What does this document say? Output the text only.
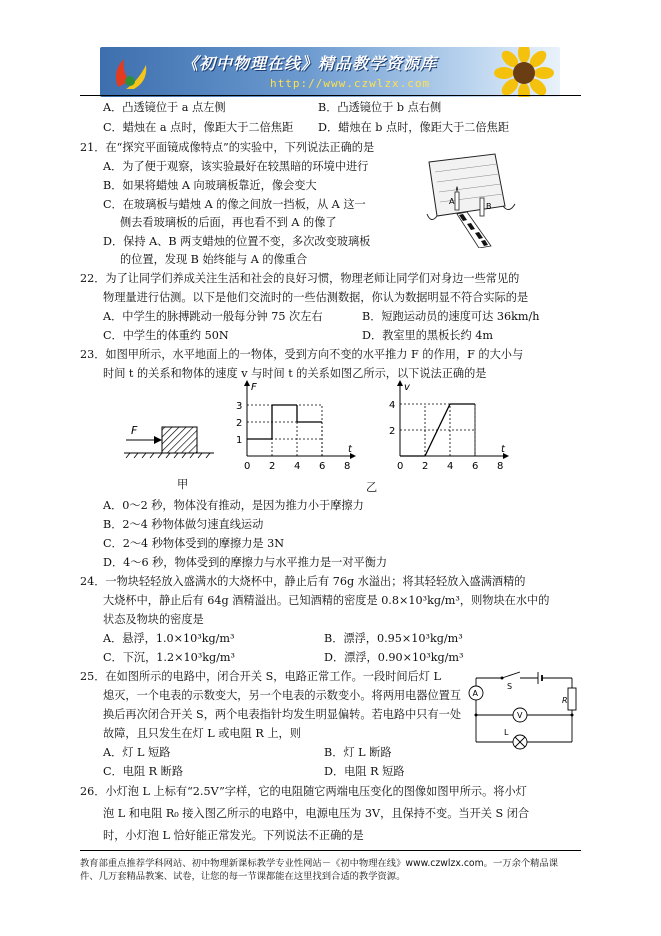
《初中物理在线》精品教学资源库
http://www.czwlzx.com
A．凸透镜位于 a 点左侧	B．凸透镜位于 b 点右侧
C．蜡烛在 a 点时，像距大于二倍焦距 D．蜡烛在 b 点时，像距大于二倍焦距
21．在“探究平面镜成像特点”的实验中，下列说法正确的是
A．为了便于观察，该实验最好在较黑暗的环境中进行
B．如果将蜡烛 A 向玻璃板靠近，像会变大
C．在玻璃板与蜡烛 A 的像之间放一挡板，从 A 这一
侧去看玻璃板的后面，再也看不到 A 的像了
D．保持 A、B 两支蜡烛的位置不变，多次改变玻璃板
的位置，发现 B 始终能与 A 的像重合
A
B
22．为了让同学们养成关注生活和社会的良好习惯，物理老师让同学们对身边一些常见的
物理量进行估测。以下是他们交流时的一些估测数据，你认为数据明显不符合实际的是
A．中学生的脉搏跳动一般每分钟 75 次左右	B．短跑运动员的速度可达 36km/h
C．中学生的体重约 50N	D．教室里的黑板长约 4m
23．如图甲所示，水平地面上的一物体，受到方向不变的水平推力 F 的作用，F 的大小与
时间 t 的关系和物体的速度 v 与时间 t 的关系如图乙所示，以下说法正确的是
F
t
F
0 2 4 6 8
1
2
3
t
v
0 2 4 6 8
2
4
甲	乙
A．0～2 秒，物体没有推动，是因为推力小于摩擦力
B．2～4 秒物体做匀速直线运动
C．2～4 秒物体受到的摩擦力是 3N
D．4～6 秒，物体受到的摩擦力与水平推力是一对平衡力
24．一物块轻轻放入盛满水的大烧杯中，静止后有 76g 水溢出；将其轻轻放入盛满酒精的
大烧杯中，静止后有 64g 酒精溢出。已知酒精的密度是 0.8×10³kg/m³，则物块在水中的
状态及物块的密度是
A．悬浮，1.0×10³kg/m³	B．漂浮，0.95×10³kg/m³
C．下沉，1.2×10³kg/m³	D．漂浮，0.90×10³kg/m³
25．在如图所示的电路中，闭合开关 S，电路正常工作。一段时间后灯 L
熄灭，一个电表的示数变大，另一个电表的示数变小。将两用电器位置互
换后再次闭合开关 S，两个电表指针均发生明显偏转。若电路中只有一处
故障，且只发生在灯 L 或电阻 R 上，则
A．灯 L 短路	B．灯 L 断路
C．电阻 R 断路	D．电阻 R 短路
S
A
V
R
L
26．小灯泡 L 上标有“2.5V”字样，它的电阻随它两端电压变化的图像如图甲所示。将小灯
泡 L 和电阻 R₀ 接入图乙所示的电路中，电源电压为 3V，且保持不变。当开关 S 闭合
时，小灯泡 L 恰好能正常发光。下列说法不正确的是
教育部重点推荐学科网站、初中物理新课标教学专业性网站－《初中物理在线》www.czwlzx.com。一万余个精品课
件、几万套精品教案、试卷，让您的每一节课都能在这里找到合适的教学资源。
